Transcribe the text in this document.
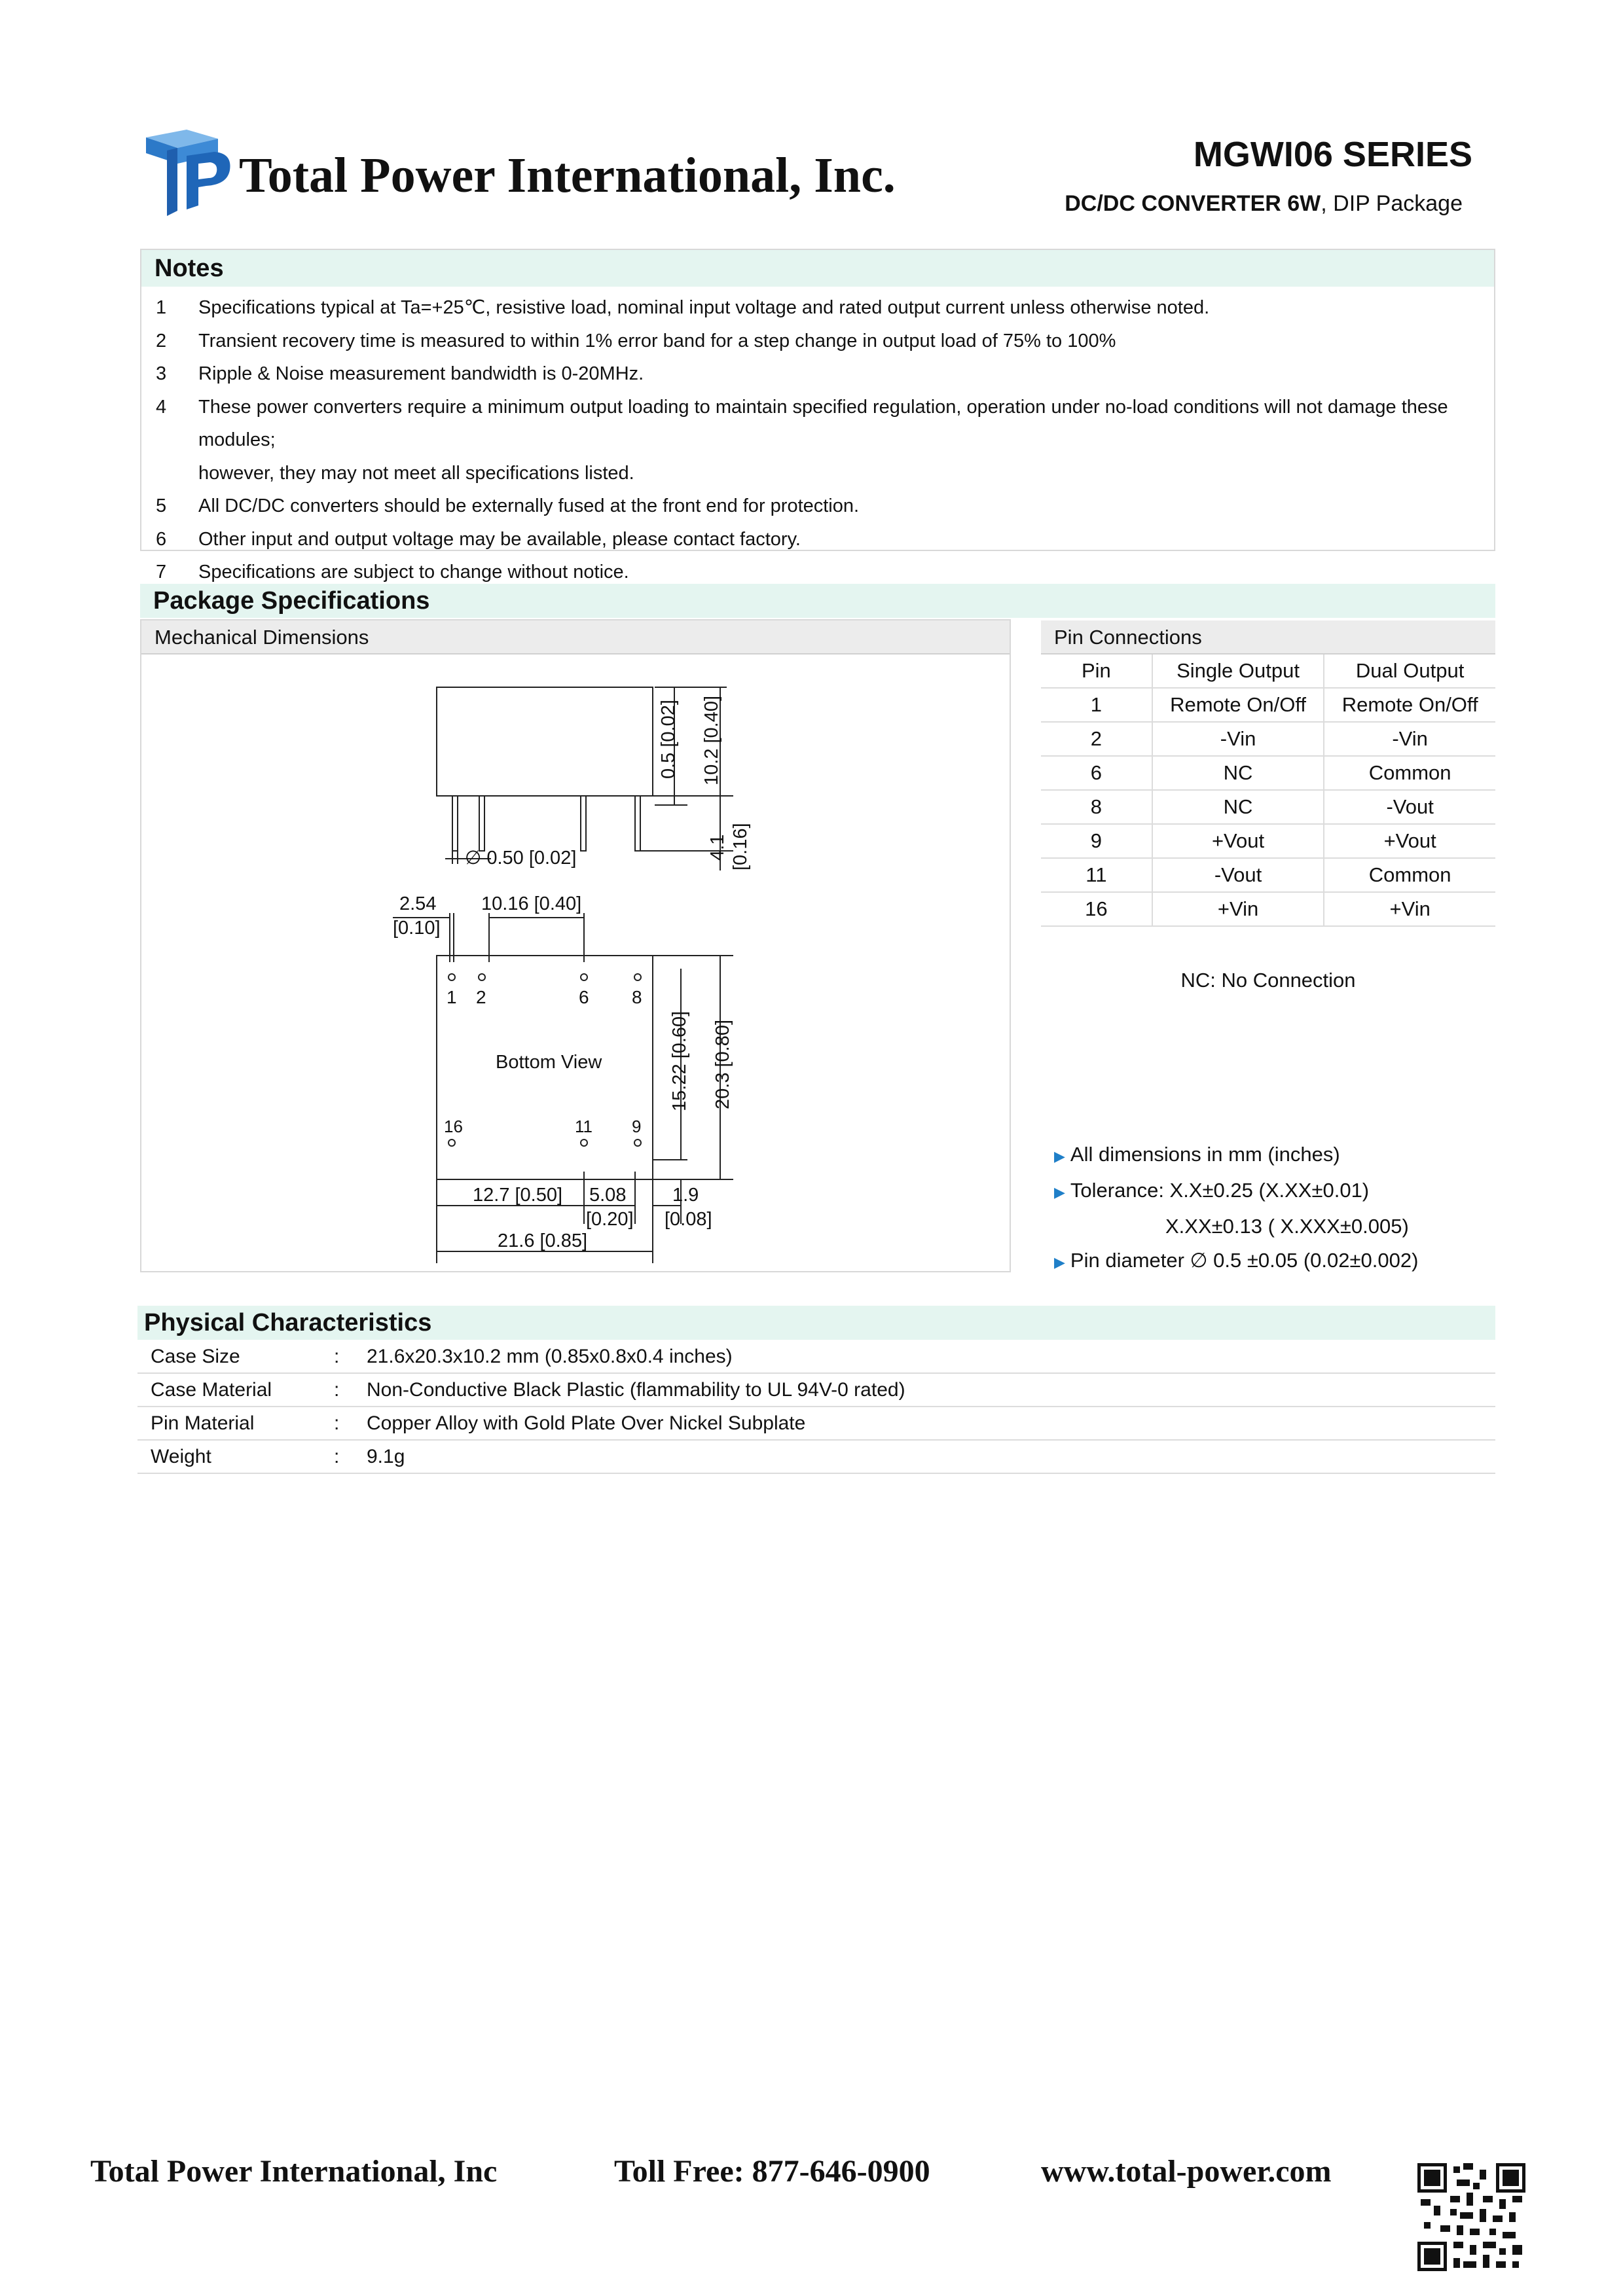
Total Power International, Inc.	MGWI06 SERIES
DC/DC CONVERTER 6W, DIP Package
Notes
1	Specifications typical at Ta=+25℃, resistive load, nominal input voltage and rated output current unless otherwise noted.
2	Transient recovery time is measured to within 1% error band for a step change in output load of 75% to 100%
3	Ripple & Noise measurement bandwidth is 0-20MHz.
4	These power converters require a minimum output loading to maintain specified regulation, operation under no-load conditions will not damage these modules;
however, they may not meet all specifications listed.
5	All DC/DC converters should be externally fused at the front end for protection.
6	Other input and output voltage may be available, please contact factory.
7	Specifications are subject to change without notice.
Package Specifications
Mechanical Dimensions
0.5 [0.02] 10.2 [0.40]
4.1 [0.16]
∅ 0.50 [0.02]
2.54
[0.10]
10.16 [0.40]
1 2	6 8
Bottom View
16	11 9
15.22 [0.60] 20.3 [0.80]
12.7 [0.50] 5.08
[0.20]
1.9
[0.08]
21.6 [0.85]
Pin Connections
Pin	Single Output	Dual Output
1	Remote On/Off	Remote On/Off
2	-Vin	-Vin
6	NC	Common
8	NC	-Vout
9	+Vout	+Vout
11	-Vout	Common
16	+Vin	+Vin
NC: No Connection
▶ All dimensions in mm (inches)
▶ Tolerance: X.X±0.25 (X.XX±0.01)
X.XX±0.13 ( X.XXX±0.005)
▶ Pin diameter ∅ 0.5 ±0.05 (0.02±0.002)
Physical Characteristics
Case Size	:	21.6x20.3x10.2 mm (0.85x0.8x0.4 inches)
Case Material	:	Non-Conductive Black Plastic (flammability to UL 94V-0 rated)
Pin Material	:	Copper Alloy with Gold Plate Over Nickel Subplate
Weight	:	9.1g
Total Power International, Inc	Toll Free: 877-646-0900	www.total-power.com
